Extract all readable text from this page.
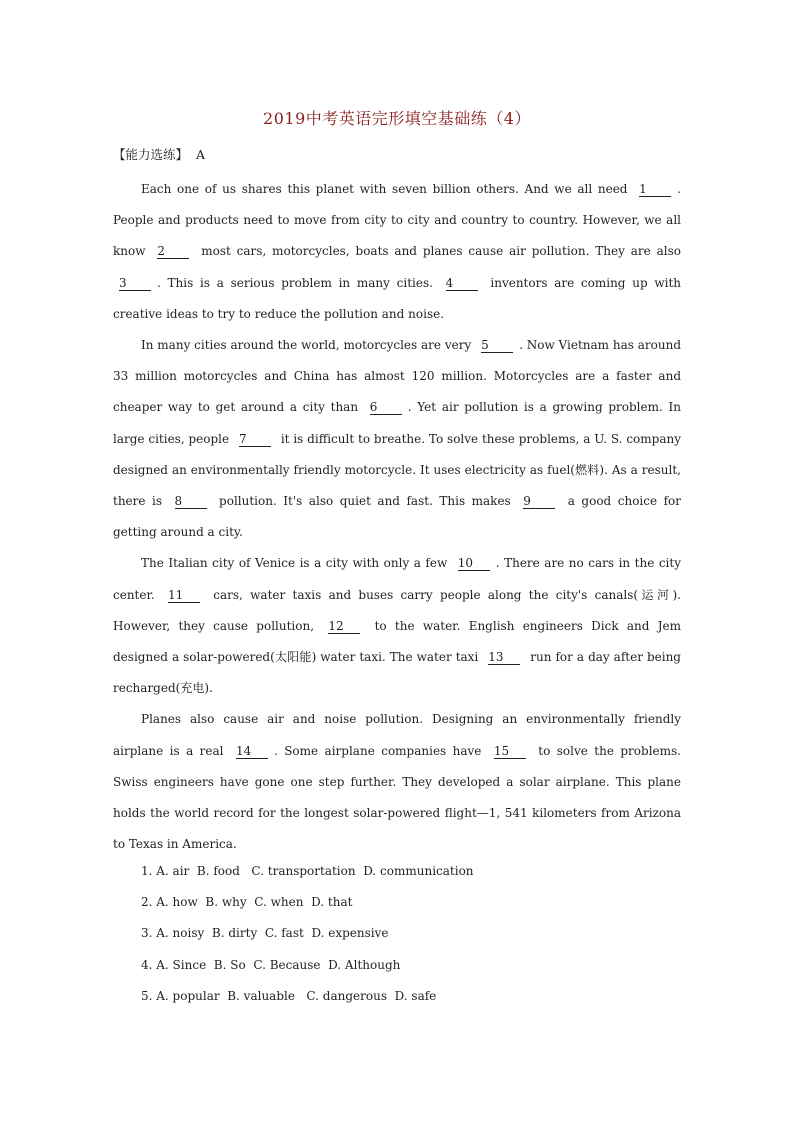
2019中考英语完形填空基础练（4）
【能力选练】 A

Each one of us shares this planet with seven billion others. And we all need 1	. People and products need to move from city to city and country to country. However, we all know 2	most cars, motorcycles, boats and planes cause air pollution. They are also 3	. This is a serious problem in many cities. 4	inventors are coming up with creative ideas to try to reduce the pollution and noise.

In many cities around the world, motorcycles are very 5	. Now Vietnam has around 33 million motorcycles and China has almost 120 million. Motorcycles are a faster and cheaper way to get around a city than 6	. Yet air pollution is a growing problem. In large cities, people 7	it is difficult to breathe. To solve these problems, a U. S. company designed an environmentally friendly motorcycle. It uses electricity as fuel(燃料). As a result, there is 8	pollution. It's also quiet and fast. This makes 9	a good choice for getting around a city.

The Italian city of Venice is a city with only a few 10 . There are no cars in the city center. 11 cars, water taxis and buses carry people along the city's canals(运河). However, they cause pollution, 12 to the water. English engineers Dick and Jem designed a solar-powered(太阳能) water taxi. The water taxi 13 run for a day after being recharged(充电).

Planes also cause air and noise pollution. Designing an environmentally friendly airplane is a real 14 . Some airplane companies have 15 to solve the problems. Swiss engineers have gone one step further. They developed a solar airplane. This plane holds the world record for the longest solar-powered flight—1, 541 kilometers from Arizona to Texas in America.

1. A. air  B. food   C. transportation  D. communication
2. A. how  B. why  C. when  D. that
3. A. noisy  B. dirty  C. fast  D. expensive
4. A. Since  B. So  C. Because  D. Although
5. A. popular  B. valuable   C. dangerous  D. safe
